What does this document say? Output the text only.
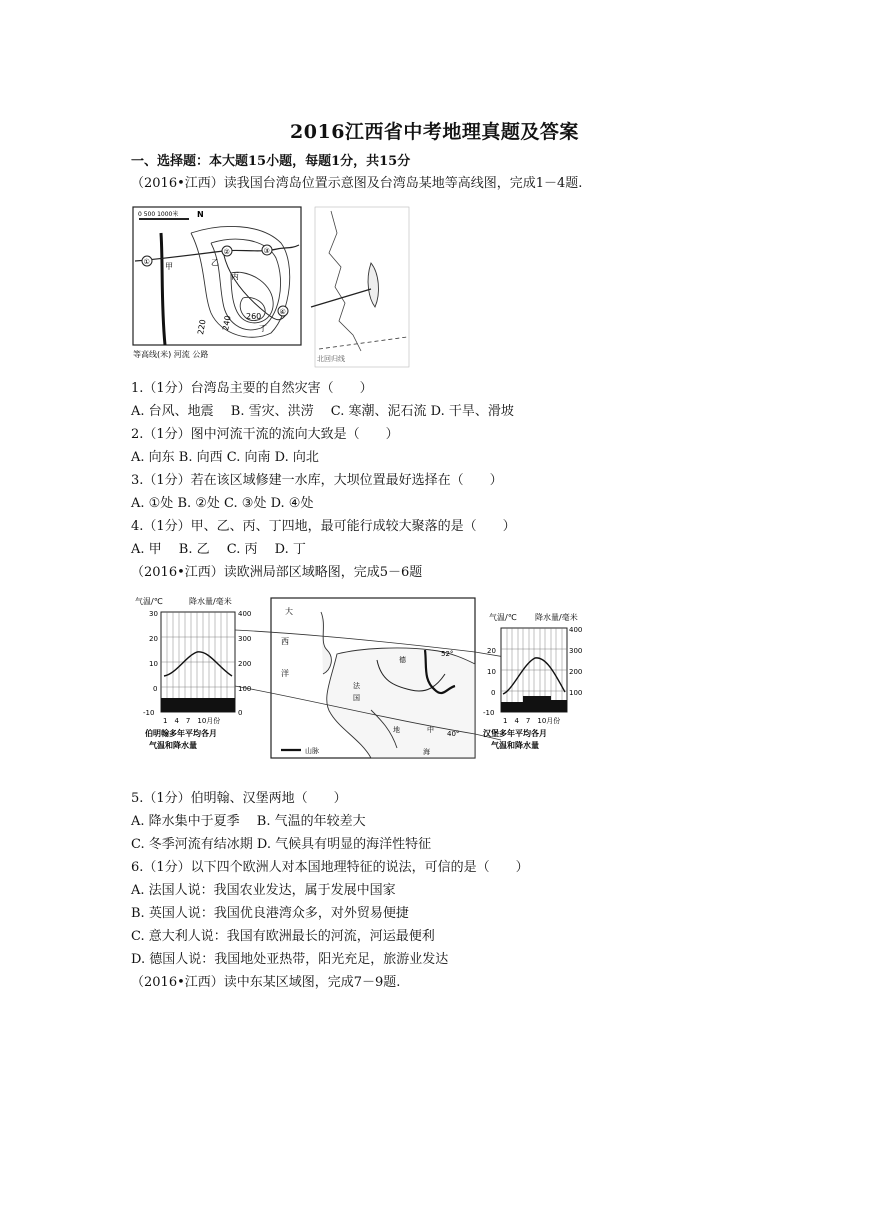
2016江西省中考地理真题及答案
一、选择题：本大题15小题，每题1分，共15分
（2016•江西）读我国台湾岛位置示意图及台湾岛某地等高线图，完成1－4题.
0 500 1000米 N
①
②	③
④
甲	乙
丙
丁
220 240 260
等高线(米) 河流 公路	北回归线
1.（1分）台湾岛主要的自然灾害（　　）
A. 台风、地震　 B. 雪灾、洪涝　 C. 寒潮、泥石流 D. 干旱、滑坡
2.（1分）图中河流干流的流向大致是（　　）
A. 向东 B. 向西 C. 向南 D. 向北
3.（1分）若在该区域修建一水库，大坝位置最好选择在（　　）
A. ①处 B. ②处 C. ③处 D. ④处
4.（1分）甲、乙、丙、丁四地，最可能行成较大聚落的是（　　）
A. 甲　 B. 乙　 C. 丙　 D. 丁
（2016•江西）读欧洲局部区域略图，完成5－6题
气温/℃	降水量/毫米
30
20
10
0
-10
400
300
200
100
0
1　4　7　10月份
伯明翰多年平均各月
气温和降水量
52°
40°
大
西
洋
德
法
国
地	中
海
山脉
气温/℃ 降水量/毫米
20
10
0
-10
400
300
200
100
1　4　7　10月份
汉堡多年平均各月
气温和降水量
5.（1分）伯明翰、汉堡两地（　　）
A. 降水集中于夏季　 B. 气温的年较差大
C. 冬季河流有结冰期 D. 气候具有明显的海洋性特征
6.（1分）以下四个欧洲人对本国地理特征的说法，可信的是（　　）
A. 法国人说：我国农业发达，属于发展中国家
B. 英国人说：我国优良港湾众多，对外贸易便捷
C. 意大利人说：我国有欧洲最长的河流，河运最便利
D. 德国人说：我国地处亚热带，阳光充足，旅游业发达
（2016•江西）读中东某区域图，完成7－9题.
